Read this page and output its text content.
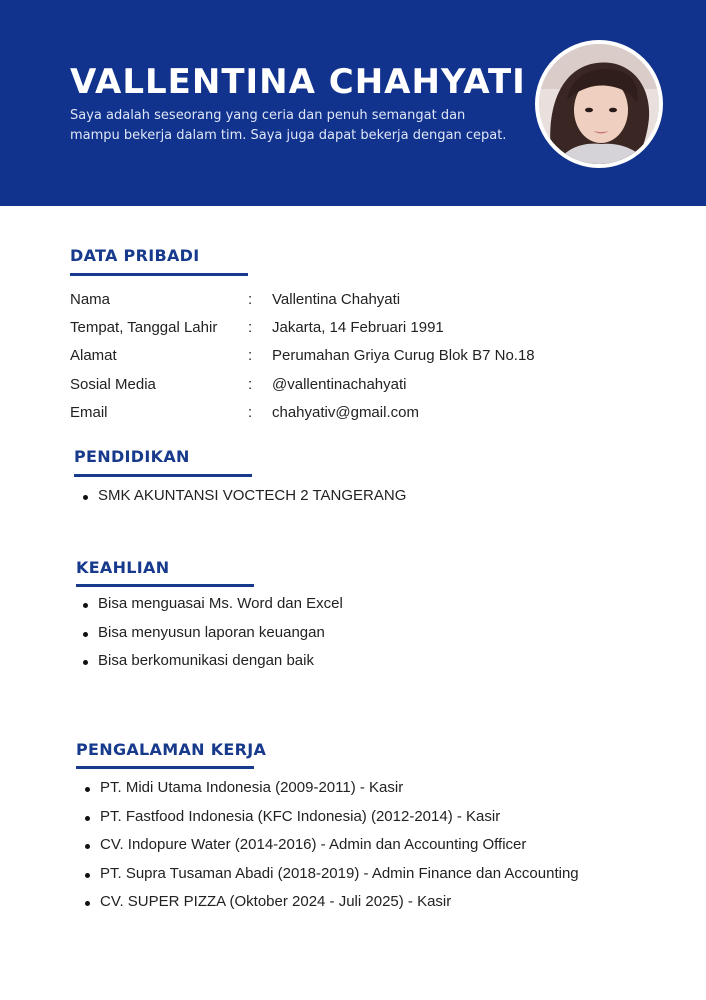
VALLENTINA CHAHYATI

Saya adalah seseorang yang ceria dan penuh semangat dan mampu bekerja dalam tim. Saya juga dapat bekerja dengan cepat.

DATA PRIBADI
Nama	: Vallentina Chahyati
Tempat, Tanggal Lahir : Jakarta, 14 Februari 1991
Alamat	: Perumahan Griya Curug Blok B7 No.18
Sosial Media	: @vallentinachahyati
Email	: chahyativ@gmail.com
PENDIDIKAN
SMK AKUNTANSI VOCTECH 2 TANGERANG
KEAHLIAN
Bisa menguasai Ms. Word dan Excel
Bisa menyusun laporan keuangan
Bisa berkomunikasi dengan baik
PENGALAMAN KERJA
PT. Midi Utama Indonesia (2009-2011) - Kasir
PT. Fastfood Indonesia (KFC Indonesia) (2012-2014) - Kasir
CV. Indopure Water (2014-2016) - Admin dan Accounting Officer
PT. Supra Tusaman Abadi (2018-2019) - Admin Finance dan Accounting
CV. SUPER PIZZA (Oktober 2024 - Juli 2025) - Kasir
